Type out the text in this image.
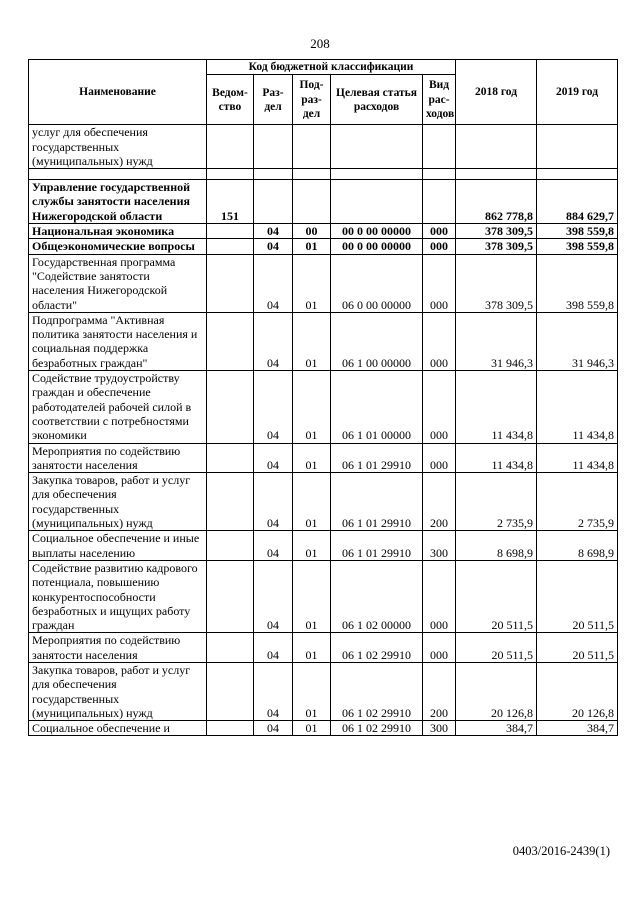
208
Наименование	Код бюджетной классификации					2018 год	2019 год
	Ведом-ство	Раз-дел	Под-раз-дел	Целевая статья расходов	Вид рас-ходов		
услуг для обеспечения государственных (муниципальных) нужд							

Управление государственной службы занятости населения Нижегородской области	151					862 778,8	884 629,7
Национальная экономика		04	00	00 0 00 00000	000	378 309,5	398 559,8
Общеэкономические вопросы		04	01	00 0 00 00000	000	378 309,5	398 559,8
Государственная программа "Содействие занятости населения Нижегородской области"		04	01	06 0 00 00000	000	378 309,5	398 559,8
Подпрограмма "Активная политика занятости населения и социальная поддержка безработных граждан"		04	01	06 1 00 00000	000	31 946,3	31 946,3
Содействие трудоустройству граждан и обеспечение работодателей рабочей силой в соответствии с потребностями экономики		04	01	06 1 01 00000	000	11 434,8	11 434,8
Мероприятия по содействию занятости населения		04	01	06 1 01 29910	000	11 434,8	11 434,8
Закупка товаров, работ и услуг для обеспечения государственных (муниципальных) нужд		04	01	06 1 01 29910	200	2 735,9	2 735,9
Социальное обеспечение и иные выплаты населению		04	01	06 1 01 29910	300	8 698,9	8 698,9
Содействие развитию кадрового потенциала, повышению конкурентоспособности безработных и ищущих работу граждан		04	01	06 1 02 00000	000	20 511,5	20 511,5
Мероприятия по содействию занятости населения		04	01	06 1 02 29910	000	20 511,5	20 511,5
Закупка товаров, работ и услуг для обеспечения государственных (муниципальных) нужд		04	01	06 1 02 29910	200	20 126,8	20 126,8
Социальное обеспечение и		04	01	06 1 02 29910	300	384,7	384,7
0403/2016-2439(1)
